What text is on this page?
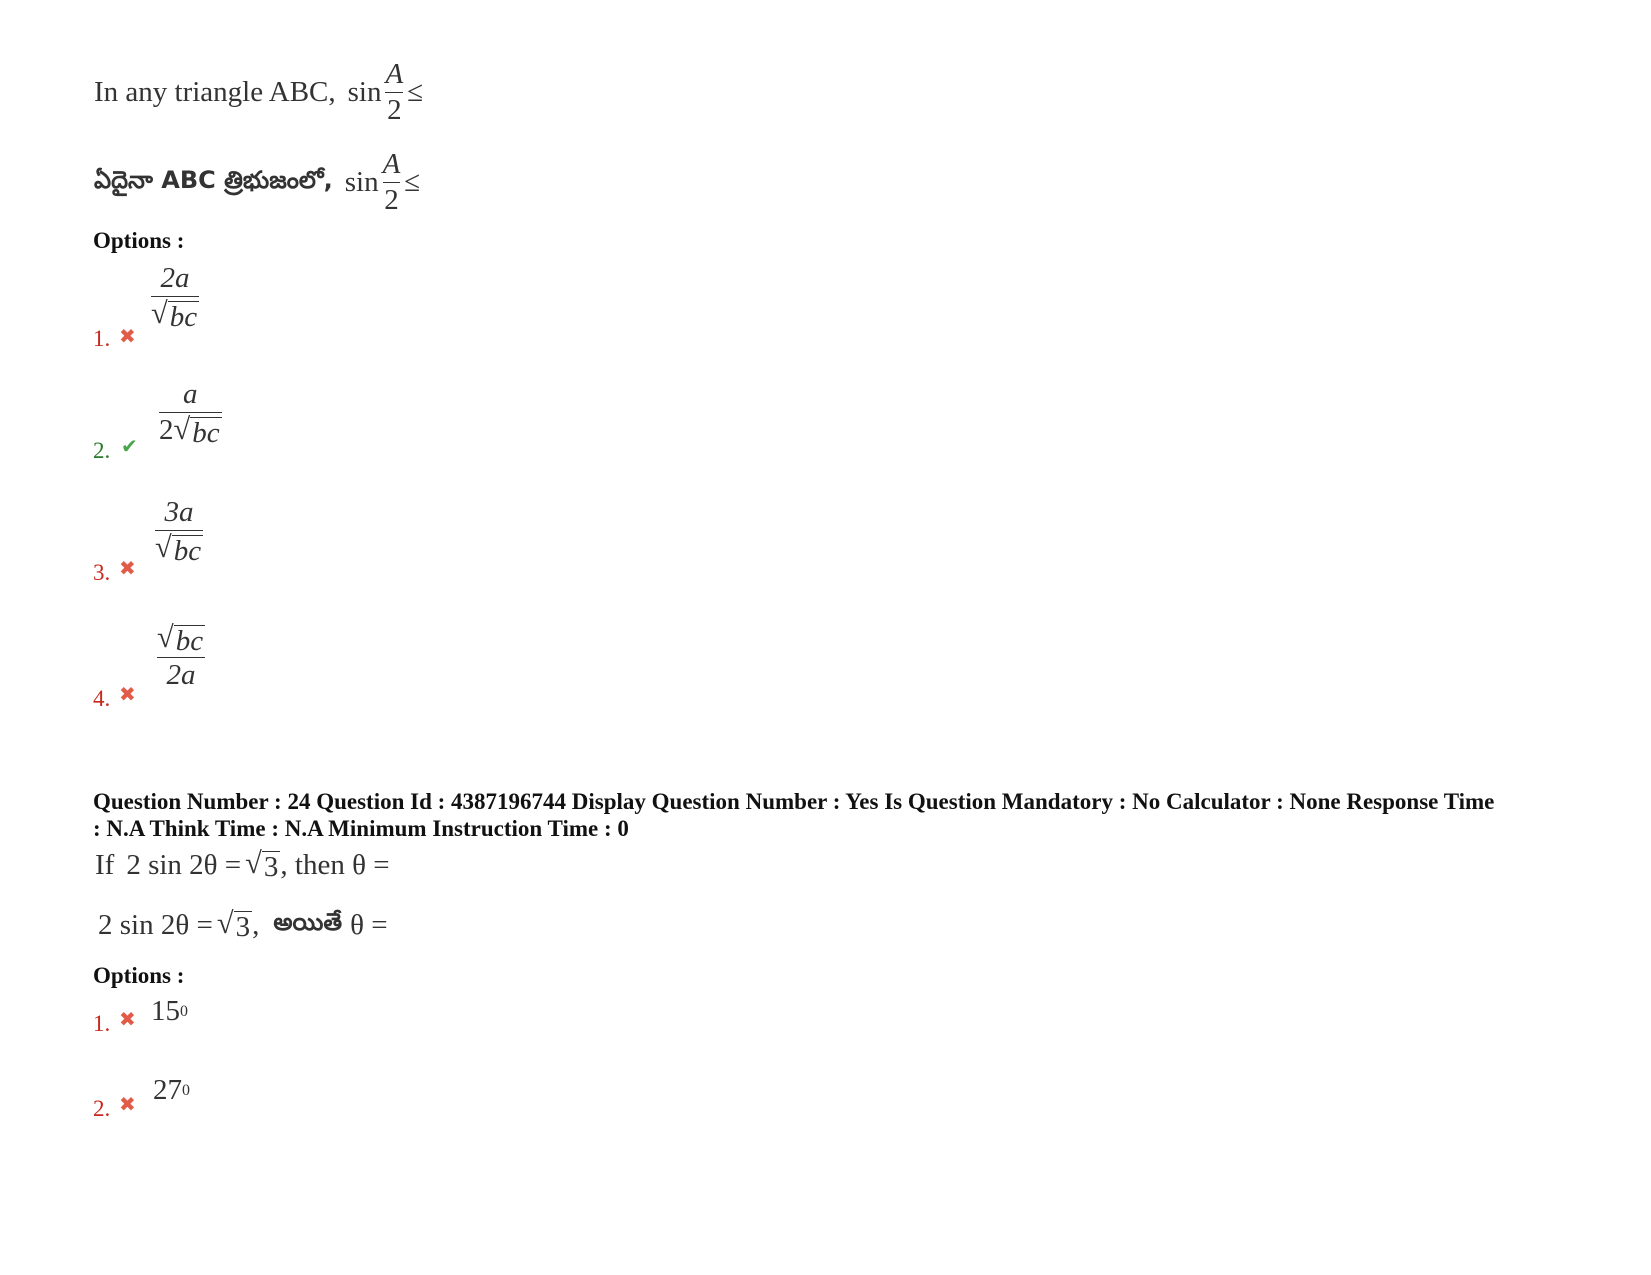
In any triangle ABC, $\sin \frac{A}{2}$ ≤
ఏదైనా ABC త్రిభుజంలో, $\sin \frac{A}{2}$ ≤
Options :
1. ✖
$\frac{2a}{√ bc}$
2. ✔ $\frac{a}{2 √ bc}$
3. ✖
$\frac{3a}{√ bc}$
4. ✖
$\frac{√ bc}{2a}$
Question Number : 24 Question Id : 4387196744 Display Question Number : Yes Is Question Mandatory : No Calculator : None Response Time : N.A Think Time : N.A Minimum Instruction Time : 0
If 2 sin 2θ = √ 3 , then θ =
2 sin 2θ = √ 3 , అయితే θ =
Options :
1. ✖ 15 0
2. ✖ 27 0
